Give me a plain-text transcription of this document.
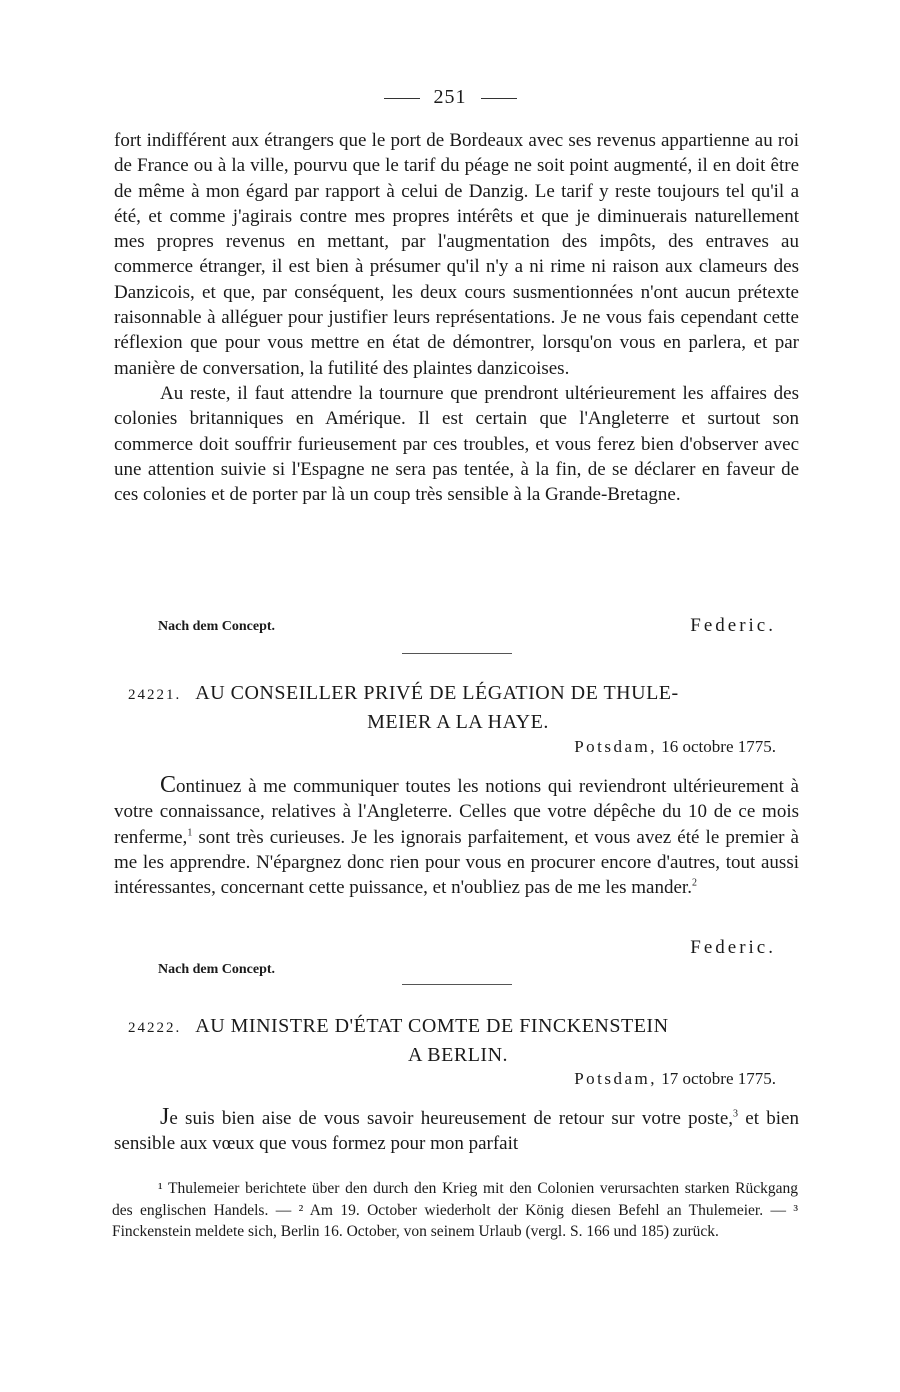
251

fort indifférent aux étrangers que le port de Bordeaux avec ses revenus appartienne au roi de France ou à la ville, pourvu que le tarif du péage ne soit point augmenté, il en doit être de même à mon égard par rapport à celui de Danzig. Le tarif y reste toujours tel qu'il a été, et comme j'agirais contre mes propres intérêts et que je diminuerais naturellement mes propres revenus en mettant, par l'augmentation des impôts, des entraves au commerce étranger, il est bien à présumer qu'il n'y a ni rime ni raison aux clameurs des Danzicois, et que, par conséquent, les deux cours susmentionnées n'ont aucun prétexte raisonnable à alléguer pour justifier leurs représentations. Je ne vous fais cependant cette réflexion que pour vous mettre en état de démontrer, lorsqu'on vous en parlera, et par manière de conversation, la futilité des plaintes danzicoises.

Au reste, il faut attendre la tournure que prendront ultérieurement les affaires des colonies britanniques en Amérique. Il est certain que l'Angleterre et surtout son commerce doit souffrir furieusement par ces troubles, et vous ferez bien d'observer avec une attention suivie si l'Espagne ne sera pas tentée, à la fin, de se déclarer en faveur de ces colonies et de porter par là un coup très sensible à la Grande-Bretagne.

Nach dem Concept.	Federic.
24221. AU CONSEILLER PRIVÉ DE LÉGATION DE THULE-
MEIER A LA HAYE.
Potsdam, 16 octobre 1775.

Continuez à me communiquer toutes les notions qui reviendront ultérieurement à votre connaissance, relatives à l'Angleterre. Celles que votre dépêche du 10 de ce mois renferme,$^1$ sont très curieuses. Je les ignorais parfaitement, et vous avez été le premier à me les apprendre. N'épargnez donc rien pour vous en procurer encore d'autres, tout aussi intéressantes, concernant cette puissance, et n'oubliez pas de me les mander.$^2$

Federic.
Nach dem Concept.
24222. AU MINISTRE D'ÉTAT COMTE DE FINCKENSTEIN
A BERLIN.
Potsdam, 17 octobre 1775.

Je suis bien aise de vous savoir heureusement de retour sur votre poste,$^3$ et bien sensible aux vœux que vous formez pour mon parfait

¹ Thulemeier berichtete über den durch den Krieg mit den Colonien verursachten starken Rückgang des englischen Handels. — ² Am 19. October wiederholt der König diesen Befehl an Thulemeier. — ³ Finckenstein meldete sich, Berlin 16. October, von seinem Urlaub (vergl. S. 166 und 185) zurück.
